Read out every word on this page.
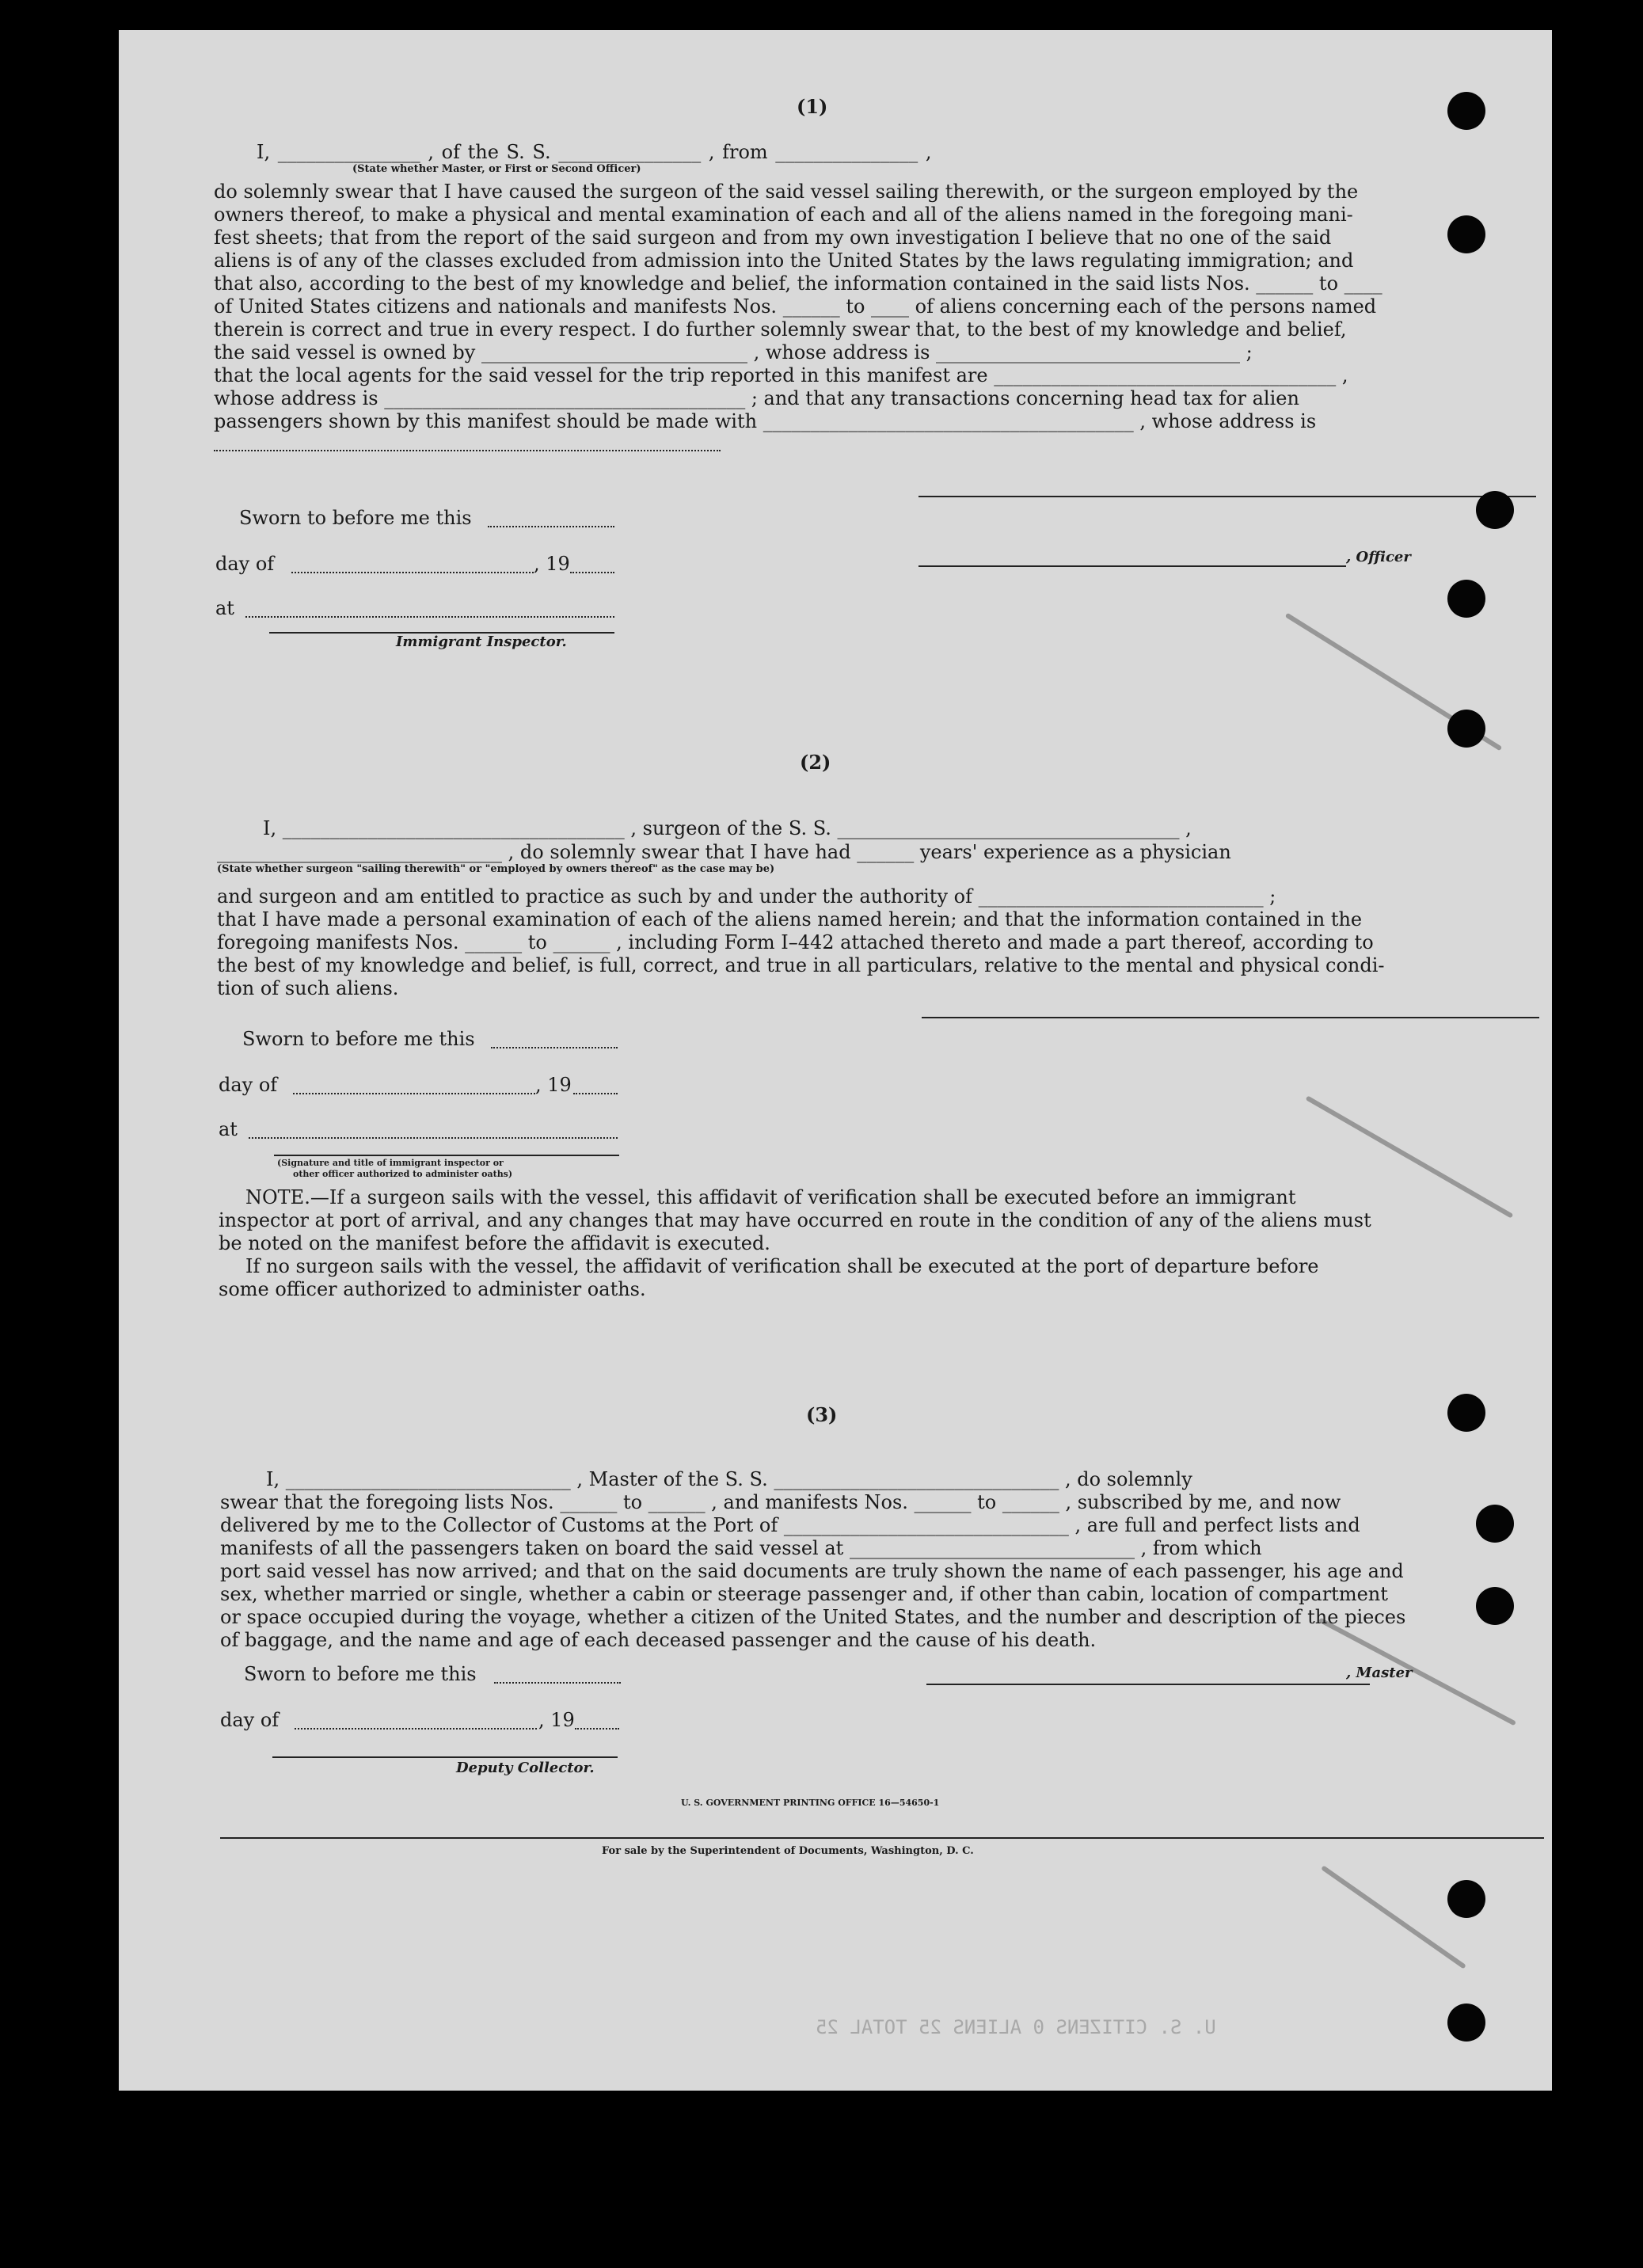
U. S. CITIZENS 0 ALIENS 25 TOTAL 25
(1)
I, _______________ , of the S. S. _______________ , from _______________ ,
(State whether Master, or First or Second Officer)
do solemnly swear that I have caused the surgeon of the said vessel sailing therewith, or the surgeon employed by the
owners thereof, to make a physical and mental examination of each and all of the aliens named in the foregoing mani-
fest sheets; that from the report of the said surgeon and from my own investigation I believe that no one of the said
aliens is of any of the classes excluded from admission into the United States by the laws regulating immigration; and
that also, according to the best of my knowledge and belief, the information contained in the said lists Nos. ______ to ____
of United States citizens and nationals and manifests Nos. ______ to ____ of aliens concerning each of the persons named
therein is correct and true in every respect. I do further solemnly swear that, to the best of my knowledge and belief,
the said vessel is owned by ____________________________ , whose address is ________________________________ ;
that the local agents for the said vessel for the trip reported in this manifest are ____________________________________ ,
whose address is ______________________________________ ; and that any transactions concerning head tax for alien
passengers shown by this manifest should be made with _______________________________________ , whose address is
Sworn to before me this
day of	, 19	, Officer
at
Immigrant Inspector.
(2)
I, ____________________________________ , surgeon of the S. S. ____________________________________ ,
______________________________ , do solemnly swear that I have had ______ years' experience as a physician
(State whether surgeon "sailing therewith" or "employed by owners thereof" as the case may be)
and surgeon and am entitled to practice as such by and under the authority of ______________________________ ;
that I have made a personal examination of each of the aliens named herein; and that the information contained in the
foregoing manifests Nos. ______ to ______ , including Form I–442 attached thereto and made a part thereof, according to
the best of my knowledge and belief, is full, correct, and true in all particulars, relative to the mental and physical condi-
tion of such aliens.
Sworn to before me this
day of	, 19
at
(Signature and title of immigrant inspector or
other officer authorized to administer oaths)
NOTE.—If a surgeon sails with the vessel, this affidavit of verification shall be executed before an immigrant
inspector at port of arrival, and any changes that may have occurred en route in the condition of any of the aliens must
be noted on the manifest before the affidavit is executed.
If no surgeon sails with the vessel, the affidavit of verification shall be executed at the port of departure before
some officer authorized to administer oaths.
(3)
I, ______________________________ , Master of the S. S. ______________________________ , do solemnly
swear that the foregoing lists Nos. ______ to ______ , and manifests Nos. ______ to ______ , subscribed by me, and now
delivered by me to the Collector of Customs at the Port of ______________________________ , are full and perfect lists and
manifests of all the passengers taken on board the said vessel at ______________________________ , from which
port said vessel has now arrived; and that on the said documents are truly shown the name of each passenger, his age and
sex, whether married or single, whether a cabin or steerage passenger and, if other than cabin, location of compartment
or space occupied during the voyage, whether a citizen of the United States, and the number and description of the pieces
of baggage, and the name and age of each deceased passenger and the cause of his death.
Sworn to before me this	, Master
day of	, 19
Deputy Collector.
U. S. GOVERNMENT PRINTING OFFICE 16—54650-1
For sale by the Superintendent of Documents, Washington, D. C.
